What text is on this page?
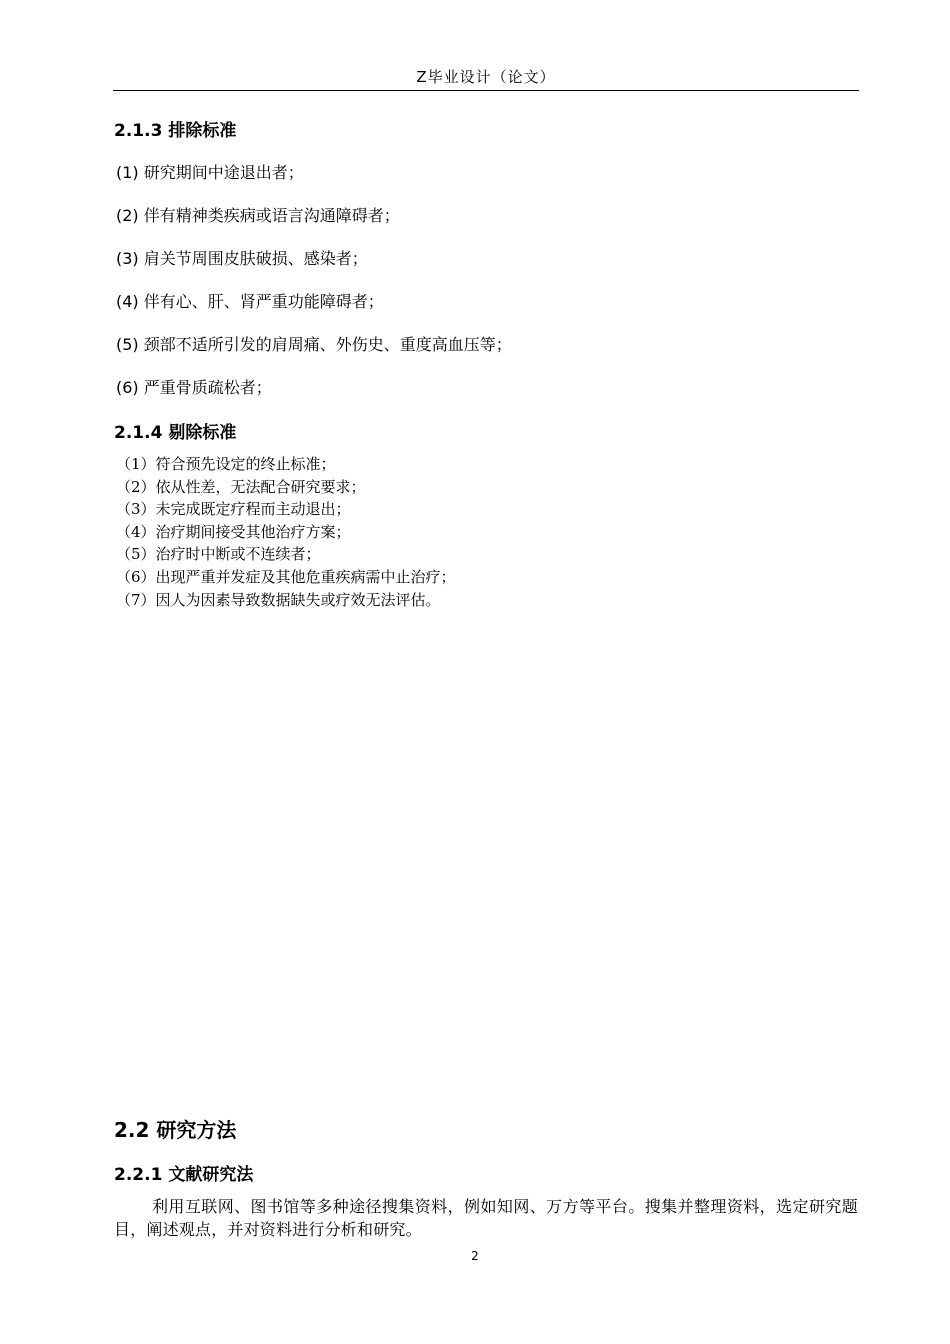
Z毕业设计（论文）
2.1.3 排除标准
(1) 研究期间中途退出者；
(2) 伴有精神类疾病或语言沟通障碍者；
(3) 肩关节周围皮肤破损、感染者；
(4) 伴有心、肝、肾严重功能障碍者；
(5) 颈部不适所引发的肩周痛、外伤史、重度高血压等；
(6) 严重骨质疏松者；
2.1.4 剔除标准
（1）符合预先设定的终止标准；
（2）依从性差，无法配合研究要求；
（3）未完成既定疗程而主动退出；
（4）治疗期间接受其他治疗方案；
（5）治疗时中断或不连续者；
（6）出现严重并发症及其他危重疾病需中止治疗；
（7）因人为因素导致数据缺失或疗效无法评估。
2.2 研究方法
2.2.1 文献研究法
利用互联网、图书馆等多种途径搜集资料，例如知网、万方等平台。搜集并整理资料，选定研究题目，阐述观点，并对资料进行分析和研究。
2
